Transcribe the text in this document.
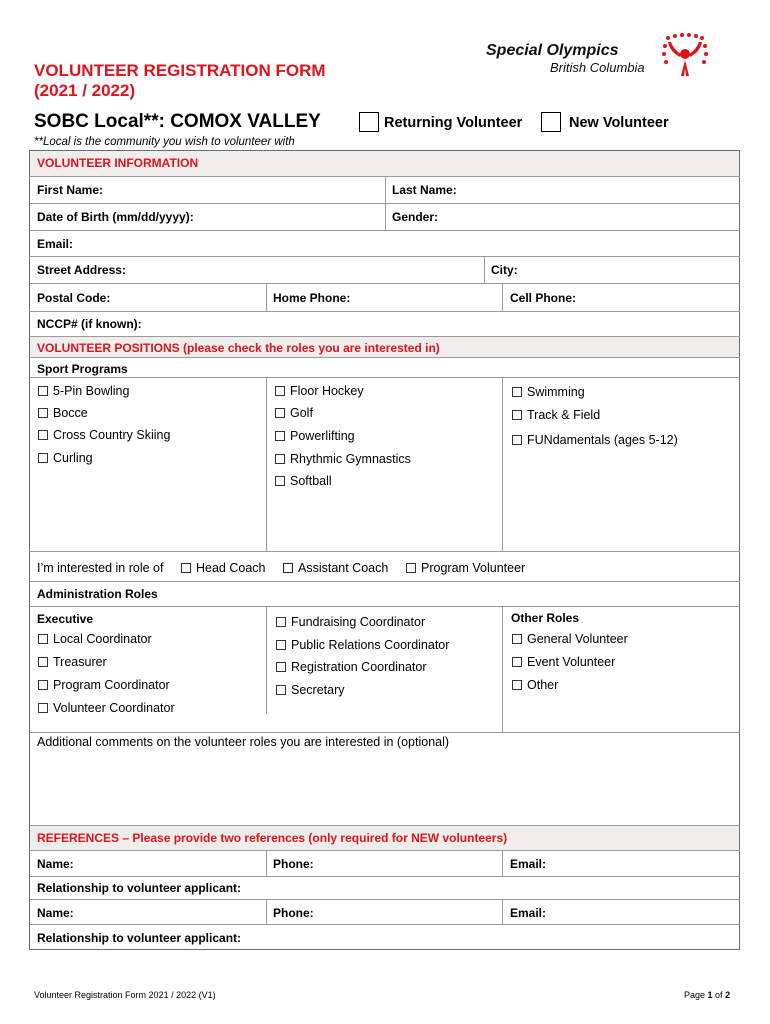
Special Olympics
British Columbia
VOLUNTEER REGISTRATION FORM
(2021 / 2022)
SOBC Local**: COMOX VALLEY	Returning Volunteer	New Volunteer
**Local is the community you wish to volunteer with
VOLUNTEER INFORMATION
First Name:	Last Name:
Date of Birth (mm/dd/yyyy):	Gender:
Email:
Street Address:	City:
Postal Code:	Home Phone:	Cell Phone:
NCCP# (if known):
VOLUNTEER POSITIONS (please check the roles you are interested in)
Sport Programs
5-Pin Bowling
Bocce
Cross Country Skiing
Curling
Floor Hockey
Golf
Powerlifting
Rhythmic Gymnastics
Softball
Swimming
Track & Field
FUNdamentals (ages 5-12)
I’m interested in role of	Head Coach	Assistant Coach	Program Volunteer
Administration Roles
Executive
Local Coordinator
Treasurer
Program Coordinator
Volunteer Coordinator
Fundraising Coordinator
Public Relations Coordinator
Registration Coordinator
Secretary
Other Roles
General Volunteer
Event Volunteer
Other
Additional comments on the volunteer roles you are interested in (optional)
REFERENCES – Please provide two references (only required for NEW volunteers)
Name:	Phone:	Email:
Relationship to volunteer applicant:
Name:	Phone:	Email:
Relationship to volunteer applicant:
Volunteer Registration Form 2021 / 2022 (V1)	Page 1 of 2
